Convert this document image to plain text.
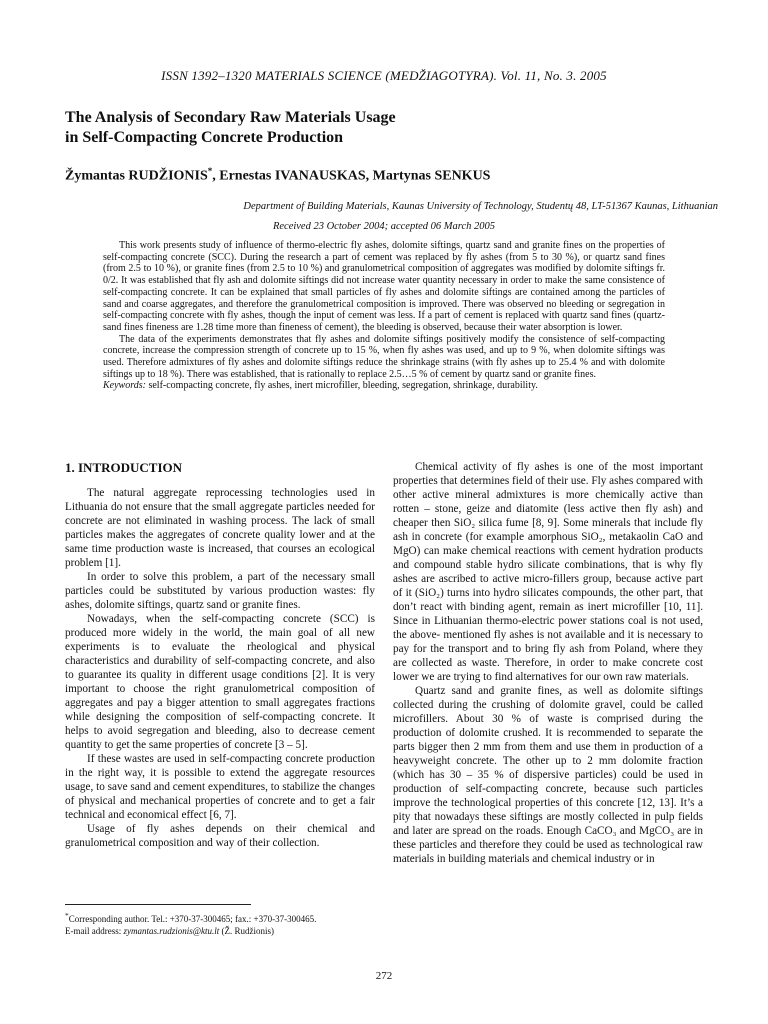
ISSN 1392–1320 MATERIALS SCIENCE (MEDŽIAGOTYRA). Vol. 11, No. 3. 2005
The Analysis of Secondary Raw Materials Usage
in Self-Compacting Concrete Production

Žymantas RUDŽIONIS*, Ernestas IVANAUSKAS, Martynas SENKUS

Department of Building Materials, Kaunas University of Technology, Studentų 48, LT-51367 Kaunas, Lithuanian
Received 23 October 2004; accepted 06 March 2005

This work presents study of influence of thermo-electric fly ashes, dolomite siftings, quartz sand and granite fines on the properties of self-compacting concrete (SCC). During the research a part of cement was replaced by fly ashes (from 5 to 30 %), or quartz sand fines (from 2.5 to 10 %), or granite fines (from 2.5 to 10 %) and granulometrical composition of aggregates was modified by dolomite siftings fr. 0/2. It was established that fly ash and dolomite siftings did not increase water quantity necessary in order to make the same consistence of self-compacting concrete. It can be explained that small particles of fly ashes and dolomite siftings are contained among the particles of sand and coarse aggregates, and therefore the granulometrical composition is improved. There was observed no bleeding or segregation in self-compacting concrete with fly ashes, though the input of cement was less. If a part of cement is replaced with quartz sand fines (quartz-sand fines fineness are 1.28 time more than fineness of cement), the bleeding is observed, because their water absorption is lower.

The data of the experiments demonstrates that fly ashes and dolomite siftings positively modify the consistence of self-compacting concrete, increase the compression strength of concrete up to 15 %, when fly ashes was used, and up to 9 %, when dolomite siftings was used. Therefore admixtures of fly ashes and dolomite siftings reduce the shrinkage strains (with fly ashes up to 25.4 % and with dolomite siftings up to 18 %). There was established, that is rationally to replace 2.5…5 % of cement by quartz sand or granite fines.

Keywords: self-compacting concrete, fly ashes, inert microfiller, bleeding, segregation, shrinkage, durability.

1. INTRODUCTION

The natural aggregate reprocessing technologies used in Lithuania do not ensure that the small aggregate particles needed for concrete are not eliminated in washing process. The lack of small particles makes the aggregates of concrete quality lower and at the same time production waste is increased, that courses an ecological problem [1].

In order to solve this problem, a part of the necessary small particles could be substituted by various production wastes: fly ashes, dolomite siftings, quartz sand or granite fines.

Nowadays, when the self-compacting concrete (SCC) is produced more widely in the world, the main goal of all new experiments is to evaluate the rheological and physical characteristics and durability of self-compacting concrete, and also to guarantee its quality in different usage conditions [2]. It is very important to choose the right granulometrical composition of aggregates and pay a bigger attention to small aggregates fractions while designing the composition of self-compacting concrete. It helps to avoid segregation and bleeding, also to decrease cement quantity to get the same properties of concrete [3 – 5].

If these wastes are used in self-compacting concrete production in the right way, it is possible to extend the aggregate resources usage, to save sand and cement expenditures, to stabilize the changes of physical and mechanical properties of concrete and to get a fair technical and economical effect [6, 7].

Usage of fly ashes depends on their chemical and granulometrical composition and way of their collection.

Chemical activity of fly ashes is one of the most important properties that determines field of their use. Fly ashes compared with other active mineral admixtures is more chemically active than rotten – stone, geize and diatomite (less active then fly ash) and cheaper then SiO₂ silica fume [8, 9]. Some minerals that include fly ash in concrete (for example amorphous SiO₂, metakaolin CaO and MgO) can make chemical reactions with cement hydration products and compound stable hydro silicate combinations, that is why fly ashes are ascribed to active micro-fillers group, because active part of it (SiO₂) turns into hydro silicates compounds, the other part, that don’t react with binding agent, remain as inert microfiller [10, 11]. Since in Lithuanian thermo-electric power stations coal is not used, the above- mentioned fly ashes is not available and it is necessary to pay for the transport and to bring fly ash from Poland, where they are collected as waste. Therefore, in order to make concrete cost lower we are trying to find alternatives for our own raw materials.

Quartz sand and granite fines, as well as dolomite siftings collected during the crushing of dolomite gravel, could be called microfillers. About 30 % of waste is comprised during the production of dolomite crushed. It is recommended to separate the parts bigger then 2 mm from them and use them in production of a heavyweight concrete. The other up to 2 mm dolomite fraction (which has 30 – 35 % of dispersive particles) could be used in production of self-compacting concrete, because such particles improve the technological properties of this concrete [12, 13]. It’s a pity that nowadays these siftings are mostly collected in pulp fields and later are spread on the roads. Enough CaCO₃ and MgCO₃ are in these particles and therefore they could be used as technological raw materials in building materials and chemical industry or in

*Corresponding author. Tel.: +370-37-300465; fax.: +370-37-300465.

E-mail address: zymantas.rudzionis@ktu.lt (Ž. Rudžionis)

272
